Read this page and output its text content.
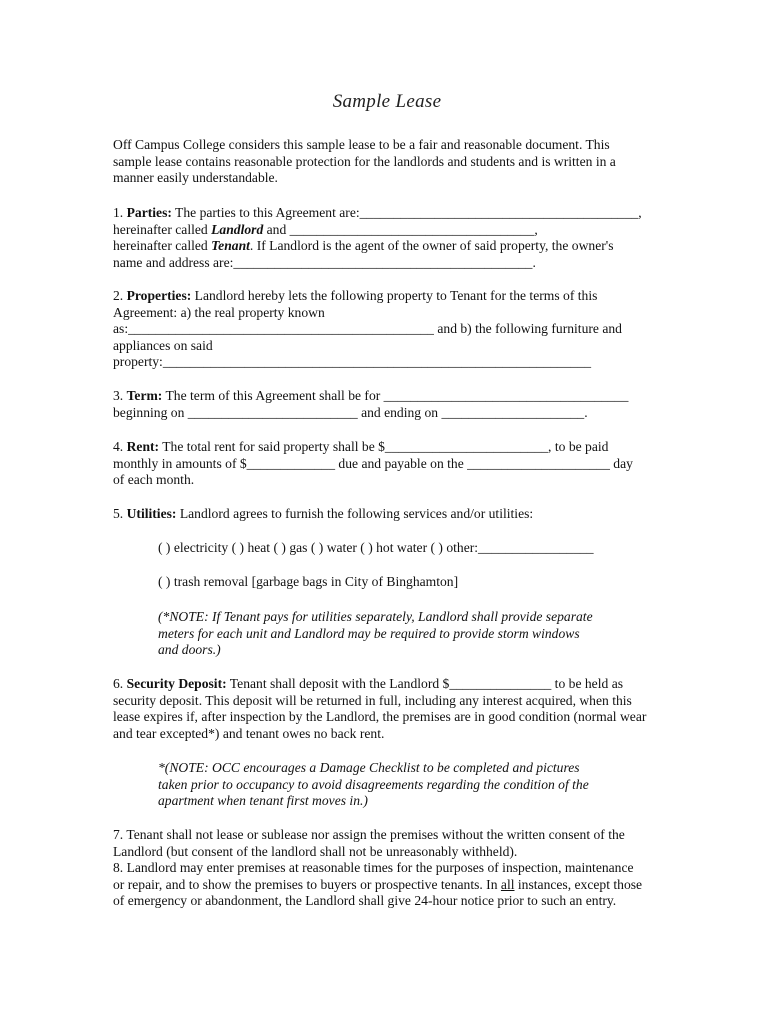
Sample Lease

Off Campus College considers this sample lease to be a fair and reasonable document. This

sample lease contains reasonable protection for the landlords and students and is written in a

manner easily understandable.

1. Parties: The parties to this Agreement are:_________________________________________,

hereinafter called Landlord and ____________________________________,

hereinafter called Tenant. If Landlord is the agent of the owner of said property, the owner's

name and address are:____________________________________________.

2. Properties: Landlord hereby lets the following property to Tenant for the terms of this

Agreement: a) the real property known

as:_____________________________________________ and b) the following furniture and

appliances on said

property:_______________________________________________________________

3. Term: The term of this Agreement shall be for ____________________________________

beginning on _________________________ and ending on _____________________.

4. Rent: The total rent for said property shall be $________________________, to be paid

monthly in amounts of $_____________ due and payable on the _____________________ day

of each month.

5. Utilities: Landlord agrees to furnish the following services and/or utilities:

( ) electricity ( ) heat ( ) gas ( ) water ( ) hot water ( ) other:_________________
( ) trash removal [garbage bags in City of Binghamton]

(*NOTE: If Tenant pays for utilities separately, Landlord shall provide separate

meters for each unit and Landlord may be required to provide storm windows

and doors.)

6. Security Deposit: Tenant shall deposit with the Landlord $_______________ to be held as

security deposit. This deposit will be returned in full, including any interest acquired, when this

lease expires if, after inspection by the Landlord, the premises are in good condition (normal wear

and tear excepted*) and tenant owes no back rent.

*(NOTE: OCC encourages a Damage Checklist to be completed and pictures

taken prior to occupancy to avoid disagreements regarding the condition of the

apartment when tenant first moves in.)

7. Tenant shall not lease or sublease nor assign the premises without the written consent of the

Landlord (but consent of the landlord shall not be unreasonably withheld).

8. Landlord may enter premises at reasonable times for the purposes of inspection, maintenance

or repair, and to show the premises to buyers or prospective tenants. In all instances, except those

of emergency or abandonment, the Landlord shall give 24-hour notice prior to such an entry.
